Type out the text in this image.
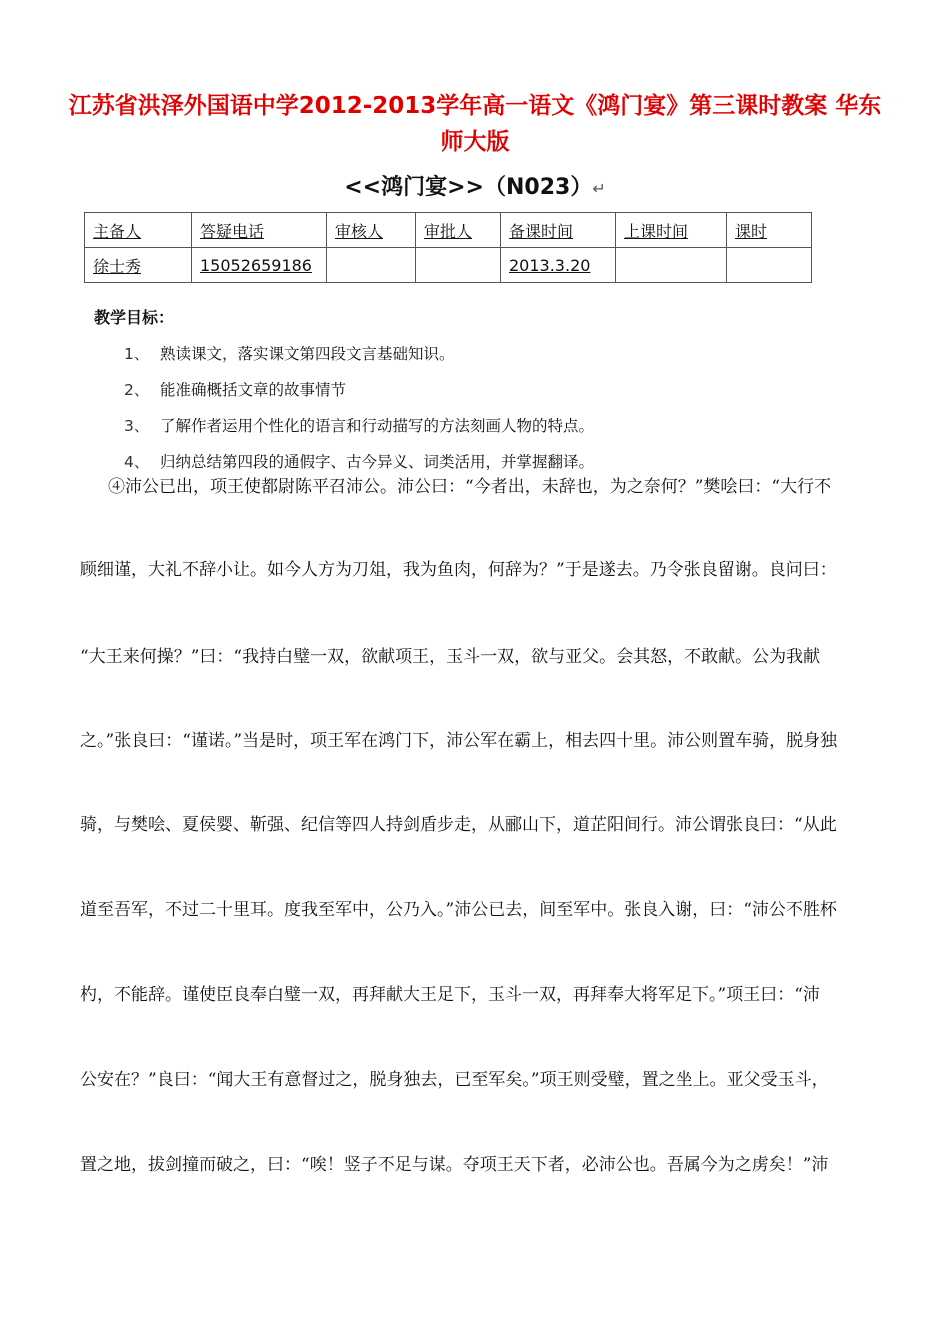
江苏省洪泽外国语中学2012-2013学年高一语文《鸿门宴》第三课时教案 华东师大版
<<鸿门宴>>（N023）↵
主备人	答疑电话	审核人	审批人	备课时间	上课时间	课时
徐士秀	15052659186			2013.3.20		
教学目标：
1、 熟读课文，落实课文第四段文言基础知识。
2、 能准确概括文章的故事情节
3、 了解作者运用个性化的语言和行动描写的方法刻画人物的特点。
4、 归纳总结第四段的通假字、古今异义、词类活用，并掌握翻译。
④沛公已出，项王使都尉陈平召沛公。沛公曰：“今者出，未辞也，为之奈何？”樊哙曰：“大行不
顾细谨，大礼不辞小让。如今人方为刀俎，我为鱼肉，何辞为？”于是遂去。乃令张良留谢。良问曰：
“大王来何操？”曰：“我持白璧一双，欲献项王，玉斗一双，欲与亚父。会其怒，不敢献。公为我献
之。”张良曰：“谨诺。”当是时，项王军在鸿门下，沛公军在霸上，相去四十里。沛公则置车骑，脱身独
骑，与樊哙、夏侯婴、靳强、纪信等四人持剑盾步走，从郦山下，道芷阳间行。沛公谓张良曰：“从此
道至吾军，不过二十里耳。度我至军中，公乃入。”沛公已去，间至军中。张良入谢，曰：“沛公不胜杯
杓，不能辞。谨使臣良奉白璧一双，再拜献大王足下，玉斗一双，再拜奉大将军足下。”项王曰：“沛
公安在？”良曰：“闻大王有意督过之，脱身独去，已至军矣。”项王则受璧，置之坐上。亚父受玉斗，
置之地，拔剑撞而破之，曰：“唉！竖子不足与谋。夺项王天下者，必沛公也。吾属今为之虏矣！”沛
